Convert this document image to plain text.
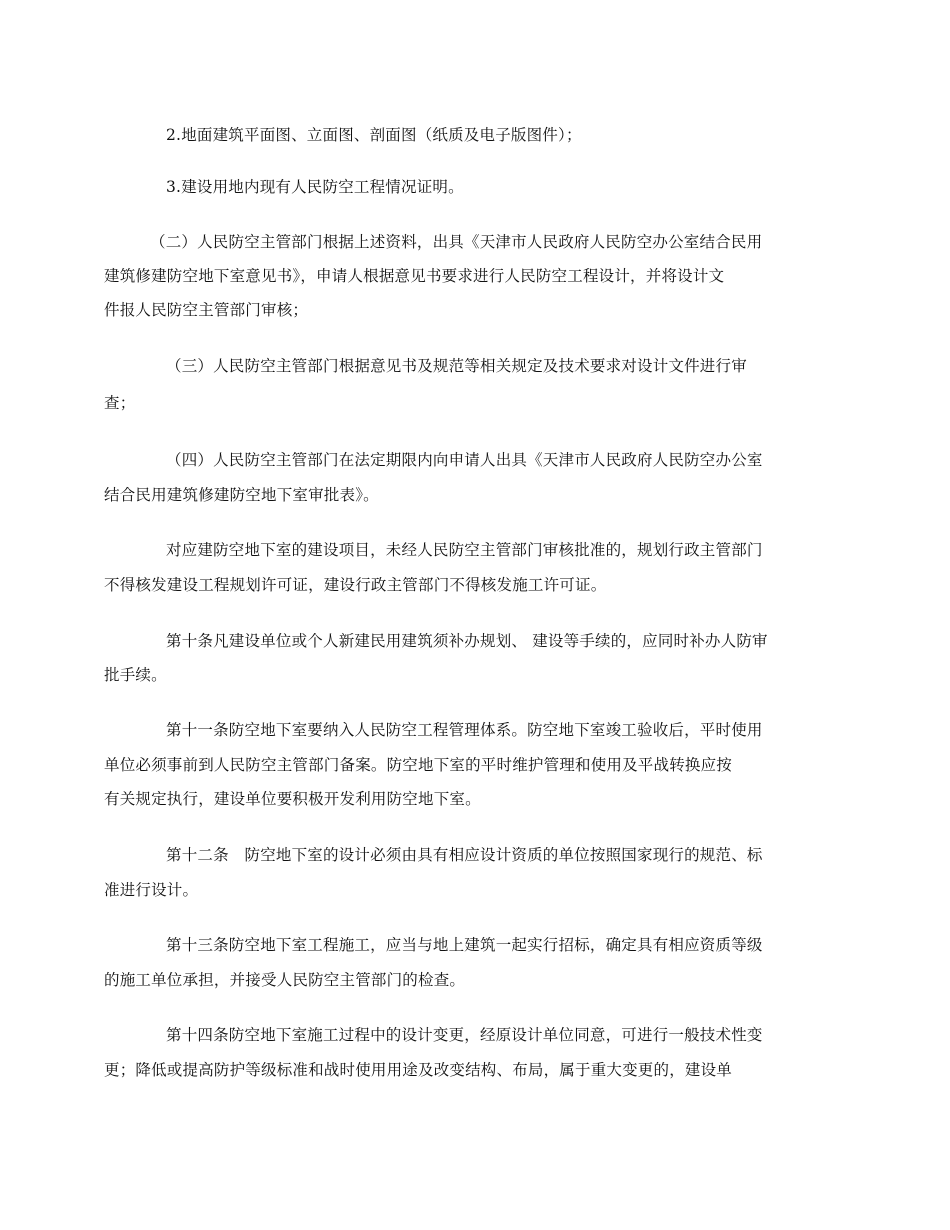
2.地面建筑平面图、立面图、剖面图（纸质及电子版图件）；
3.建设用地内现有人民防空工程情况证明。
（二）人民防空主管部门根据上述资料，出具《天津市人民政府人民防空办公室结合民用
建筑修建防空地下室意见书》，申请人根据意见书要求进行人民防空工程设计，并将设计文
件报人民防空主管部门审核；
（三）人民防空主管部门根据意见书及规范等相关规定及技术要求对设计文件进行审
查；
（四）人民防空主管部门在法定期限内向申请人出具《天津市人民政府人民防空办公室
结合民用建筑修建防空地下室审批表》。
对应建防空地下室的建设项目，未经人民防空主管部门审核批准的，规划行政主管部门
不得核发建设工程规划许可证，建设行政主管部门不得核发施工许可证。
第十条凡建设单位或个人新建民用建筑须补办规划、 建设等手续的，应同时补办人防审
批手续。
第十一条防空地下室要纳入人民防空工程管理体系。防空地下室竣工验收后，平时使用
单位必须事前到人民防空主管部门备案。防空地下室的平时维护管理和使用及平战转换应按
有关规定执行，建设单位要积极开发利用防空地下室。
第十二条　防空地下室的设计必须由具有相应设计资质的单位按照国家现行的规范、标
准进行设计。
第十三条防空地下室工程施工，应当与地上建筑一起实行招标，确定具有相应资质等级
的施工单位承担，并接受人民防空主管部门的检查。
第十四条防空地下室施工过程中的设计变更，经原设计单位同意，可进行一般技术性变
更；降低或提高防护等级标准和战时使用用途及改变结构、布局，属于重大变更的，建设单
